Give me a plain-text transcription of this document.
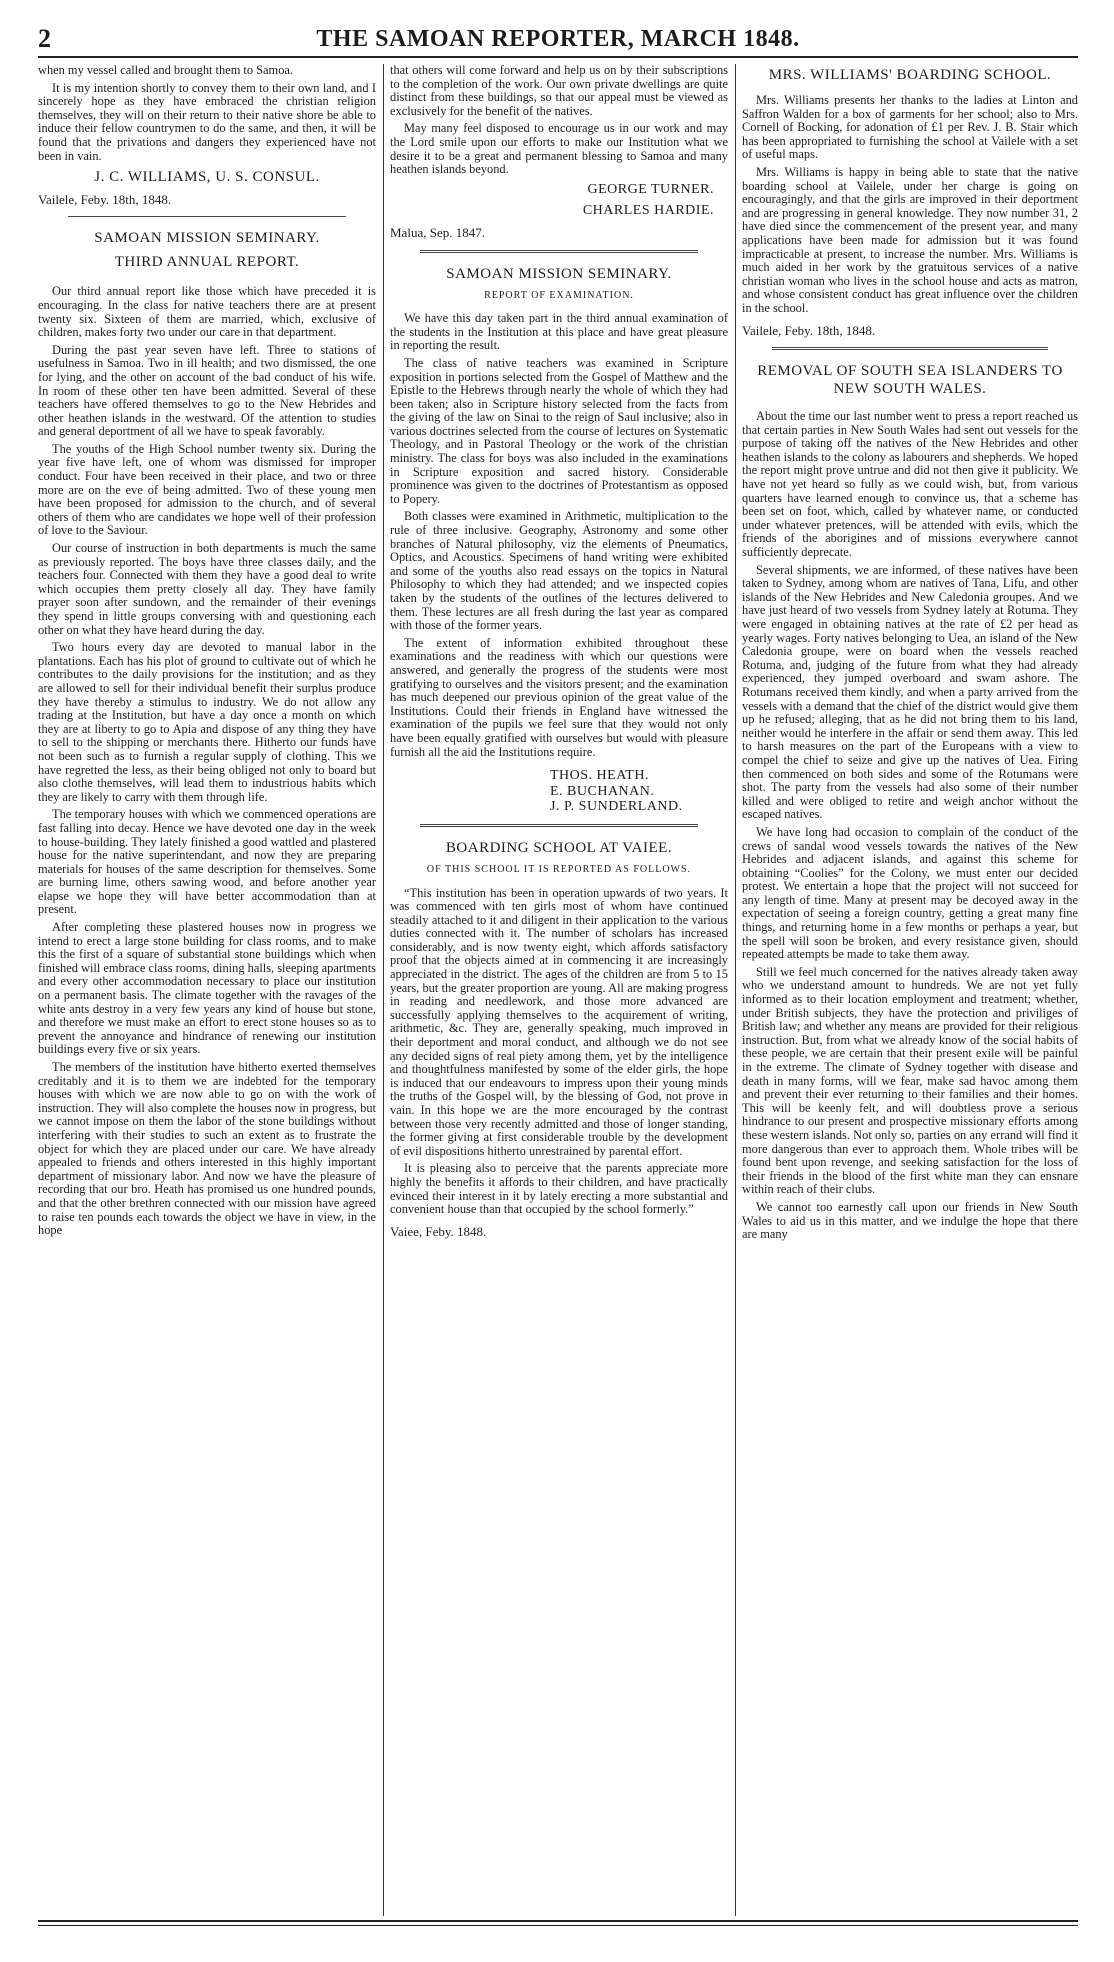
2	THE SAMOAN REPORTER, MARCH 1848.

when my vessel called and brought them to Samoa.

It is my intention shortly to convey them to their own land, and I sincerely hope as they have embraced the christian religion themselves, they will on their return to their native shore be able to induce their fellow countrymen to do the same, and then, it will be found that the privations and dangers they experienced have not been in vain.

J. C. WILLIAMS, U. S. CONSUL.

Vailele, Feby. 18th, 1848.

SAMOAN MISSION SEMINARY.
THIRD ANNUAL REPORT.

Our third annual report like those which have preceded it is encouraging. In the class for native teachers there are at present twenty six. Sixteen of them are married, which, exclusive of children, makes forty two under our care in that department.

During the past year seven have left. Three to stations of usefulness in Samoa. Two in ill health; and two dismissed, the one for lying, and the other on account of the bad conduct of his wife. In room of these other ten have been admitted. Several of these teachers have offered themselves to go to the New Hebrides and other heathen islands in the westward. Of the attention to studies and general deportment of all we have to speak favorably.

The youths of the High School number twenty six. During the year five have left, one of whom was dismissed for improper conduct. Four have been received in their place, and two or three more are on the eve of being admitted. Two of these young men have been proposed for admission to the church, and of several others of them who are candidates we hope well of their profession of love to the Saviour.

Our course of instruction in both departments is much the same as previously reported. The boys have three classes daily, and the teachers four. Connected with them they have a good deal to write which occupies them pretty closely all day. They have family prayer soon after sundown, and the remainder of their evenings they spend in little groups conversing with and questioning each other on what they have heard during the day.

Two hours every day are devoted to manual labor in the plantations. Each has his plot of ground to cultivate out of which he contributes to the daily provisions for the institution; and as they are allowed to sell for their individual benefit their surplus produce they have thereby a stimulus to industry. We do not allow any trading at the Institution, but have a day once a month on which they are at liberty to go to Apia and dispose of any thing they have to sell to the shipping or merchants there. Hitherto our funds have not been such as to furnish a regular supply of clothing. This we have regretted the less, as their being obliged not only to board but also clothe themselves, will lead them to industrious habits which they are likely to carry with them through life.

The temporary houses with which we commenced operations are fast falling into decay. Hence we have devoted one day in the week to house-building. They lately finished a good wattled and plastered house for the native superintendant, and now they are preparing materials for houses of the same description for themselves. Some are burning lime, others sawing wood, and before another year elapse we hope they will have better accommodation than at present.

After completing these plastered houses now in progress we intend to erect a large stone building for class rooms, and to make this the first of a square of substantial stone buildings which when finished will embrace class rooms, dining halls, sleeping apartments and every other accommodation necessary to place our institution on a permanent basis. The climate together with the ravages of the white ants destroy in a very few years any kind of house but stone, and therefore we must make an effort to erect stone houses so as to prevent the annoyance and hindrance of renewing our institution buildings every five or six years.

The members of the institution have hitherto exerted themselves creditably and it is to them we are indebted for the temporary houses with which we are now able to go on with the work of instruction. They will also complete the houses now in progress, but we cannot impose on them the labor of the stone buildings without interfering with their studies to such an extent as to frustrate the object for which they are placed under our care. We have already appealed to friends and others interested in this highly important department of missionary labor. And now we have the pleasure of recording that our bro. Heath has promised us one hundred pounds, and that the other brethren connected with our mission have agreed to raise ten pounds each towards the object we have in view, in the hope

that others will come forward and help us on by their subscriptions to the completion of the work. Our own private dwellings are quite distinct from these buildings, so that our appeal must be viewed as exclusively for the benefit of the natives.

May many feel disposed to encourage us in our work and may the Lord smile upon our efforts to make our Institution what we desire it to be a great and permanent blessing to Samoa and many heathen islands beyond.

GEORGE TURNER.

CHARLES HARDIE.

Malua, Sep. 1847.

SAMOAN MISSION SEMINARY.
REPORT OF EXAMINATION.

We have this day taken part in the third annual examination of the students in the Institution at this place and have great pleasure in reporting the result.

The class of native teachers was examined in Scripture exposition in portions selected from the Gospel of Matthew and the Epistle to the Hebrews through nearly the whole of which they had been taken; also in Scripture history selected from the facts from the giving of the law on Sinai to the reign of Saul inclusive; also in various doctrines selected from the course of lectures on Systematic Theology, and in Pastoral Theology or the work of the christian ministry. The class for boys was also included in the examinations in Scripture exposition and sacred history. Considerable prominence was given to the doctrines of Protestantism as opposed to Popery.

Both classes were examined in Arithmetic, multiplication to the rule of three inclusive. Geography, Astronomy and some other branches of Natural philosophy, viz the elements of Pneumatics, Optics, and Acoustics. Specimens of hand writing were exhibited and some of the youths also read essays on the topics in Natural Philosophy to which they had attended; and we inspected copies taken by the students of the outlines of the lectures delivered to them. These lectures are all fresh during the last year as compared with those of the former years.

The extent of information exhibited throughout these examinations and the readiness with which our questions were answered, and generally the progress of the students were most gratifying to ourselves and the visitors present; and the examination has much deepened our previous opinion of the great value of the Institutions. Could their friends in England have witnessed the examination of the pupils we feel sure that they would not only have been equally gratified with ourselves but would with pleasure furnish all the aid the Institutions require.

THOS. HEATH.

E. BUCHANAN.

J. P. SUNDERLAND.

BOARDING SCHOOL AT VAIEE.
OF THIS SCHOOL IT IS REPORTED AS FOLLOWS.

“This institution has been in operation upwards of two years. It was commenced with ten girls most of whom have continued steadily attached to it and diligent in their application to the various duties connected with it. The number of scholars has increased considerably, and is now twenty eight, which affords satisfactory proof that the objects aimed at in commencing it are increasingly appreciated in the district. The ages of the children are from 5 to 15 years, but the greater proportion are young. All are making progress in reading and needlework, and those more advanced are successfully applying themselves to the acquirement of writing, arithmetic, &c. They are, generally speaking, much improved in their deportment and moral conduct, and although we do not see any decided signs of real piety among them, yet by the intelligence and thoughtfulness manifested by some of the elder girls, the hope is induced that our endeavours to impress upon their young minds the truths of the Gospel will, by the blessing of God, not prove in vain. In this hope we are the more encouraged by the contrast between those very recently admitted and those of longer standing, the former giving at first considerable trouble by the development of evil dispositions hitherto unrestrained by parental effort.

It is pleasing also to perceive that the parents appreciate more highly the benefits it affords to their children, and have practically evinced their interest in it by lately erecting a more substantial and convenient house than that occupied by the school formerly.”

Vaiee, Feby. 1848.

MRS. WILLIAMS' BOARDING SCHOOL.

Mrs. Williams presents her thanks to the ladies at Linton and Saffron Walden for a box of garments for her school; also to Mrs. Cornell of Bocking, for adonation of £1 per Rev. J. B. Stair which has been appropriated to furnishing the school at Vailele with a set of useful maps.

Mrs. Williams is happy in being able to state that the native boarding school at Vailele, under her charge is going on encouragingly, and that the girls are improved in their deportment and are progressing in general knowledge. They now number 31, 2 have died since the commencement of the present year, and many applications have been made for admission but it was found impracticable at present, to increase the number. Mrs. Williams is much aided in her work by the gratuitous services of a native christian woman who lives in the school house and acts as matron, and whose consistent conduct has great influence over the children in the school.

Vailele, Feby. 18th, 1848.

REMOVAL OF SOUTH SEA ISLANDERS TO NEW SOUTH WALES.

About the time our last number went to press a report reached us that certain parties in New South Wales had sent out vessels for the purpose of taking off the natives of the New Hebrides and other heathen islands to the colony as labourers and shepherds. We hoped the report might prove untrue and did not then give it publicity. We have not yet heard so fully as we could wish, but, from various quarters have learned enough to convince us, that a scheme has been set on foot, which, called by whatever name, or conducted under whatever pretences, will be attended with evils, which the friends of the aborigines and of missions everywhere cannot sufficiently deprecate.

Several shipments, we are informed, of these natives have been taken to Sydney, among whom are natives of Tana, Lifu, and other islands of the New Hebrides and New Caledonia groupes. And we have just heard of two vessels from Sydney lately at Rotuma. They were engaged in obtaining natives at the rate of £2 per head as yearly wages. Forty natives belonging to Uea, an island of the New Caledonia groupe, were on board when the vessels reached Rotuma, and, judging of the future from what they had already experienced, they jumped overboard and swam ashore. The Rotumans received them kindly, and when a party arrived from the vessels with a demand that the chief of the district would give them up he refused; alleging, that as he did not bring them to his land, neither would he interfere in the affair or send them away. This led to harsh measures on the part of the Europeans with a view to compel the chief to seize and give up the natives of Uea. Firing then commenced on both sides and some of the Rotumans were shot. The party from the vessels had also some of their number killed and were obliged to retire and weigh anchor without the escaped natives.

We have long had occasion to complain of the conduct of the crews of sandal wood vessels towards the natives of the New Hebrides and adjacent islands, and against this scheme for obtaining “Coolies” for the Colony, we must enter our decided protest. We entertain a hope that the project will not succeed for any length of time. Many at present may be decoyed away in the expectation of seeing a foreign country, getting a great many fine things, and returning home in a few months or perhaps a year, but the spell will soon be broken, and every resistance given, should repeated attempts be made to take them away.

Still we feel much concerned for the natives already taken away who we understand amount to hundreds. We are not yet fully informed as to their location employment and treatment; whether, under British subjects, they have the protection and priviliges of British law; and whether any means are provided for their religious instruction. But, from what we already know of the social habits of these people, we are certain that their present exile will be painful in the extreme. The climate of Sydney together with disease and death in many forms, will we fear, make sad havoc among them and prevent their ever returning to their families and their homes. This will be keenly felt, and will doubtless prove a serious hindrance to our present and prospective missionary efforts among these western islands. Not only so, parties on any errand will find it more dangerous than ever to approach them. Whole tribes will be found bent upon revenge, and seeking satisfaction for the loss of their friends in the blood of the first white man they can ensnare within reach of their clubs.

We cannot too earnestly call upon our friends in New South Wales to aid us in this matter, and we indulge the hope that there are many
